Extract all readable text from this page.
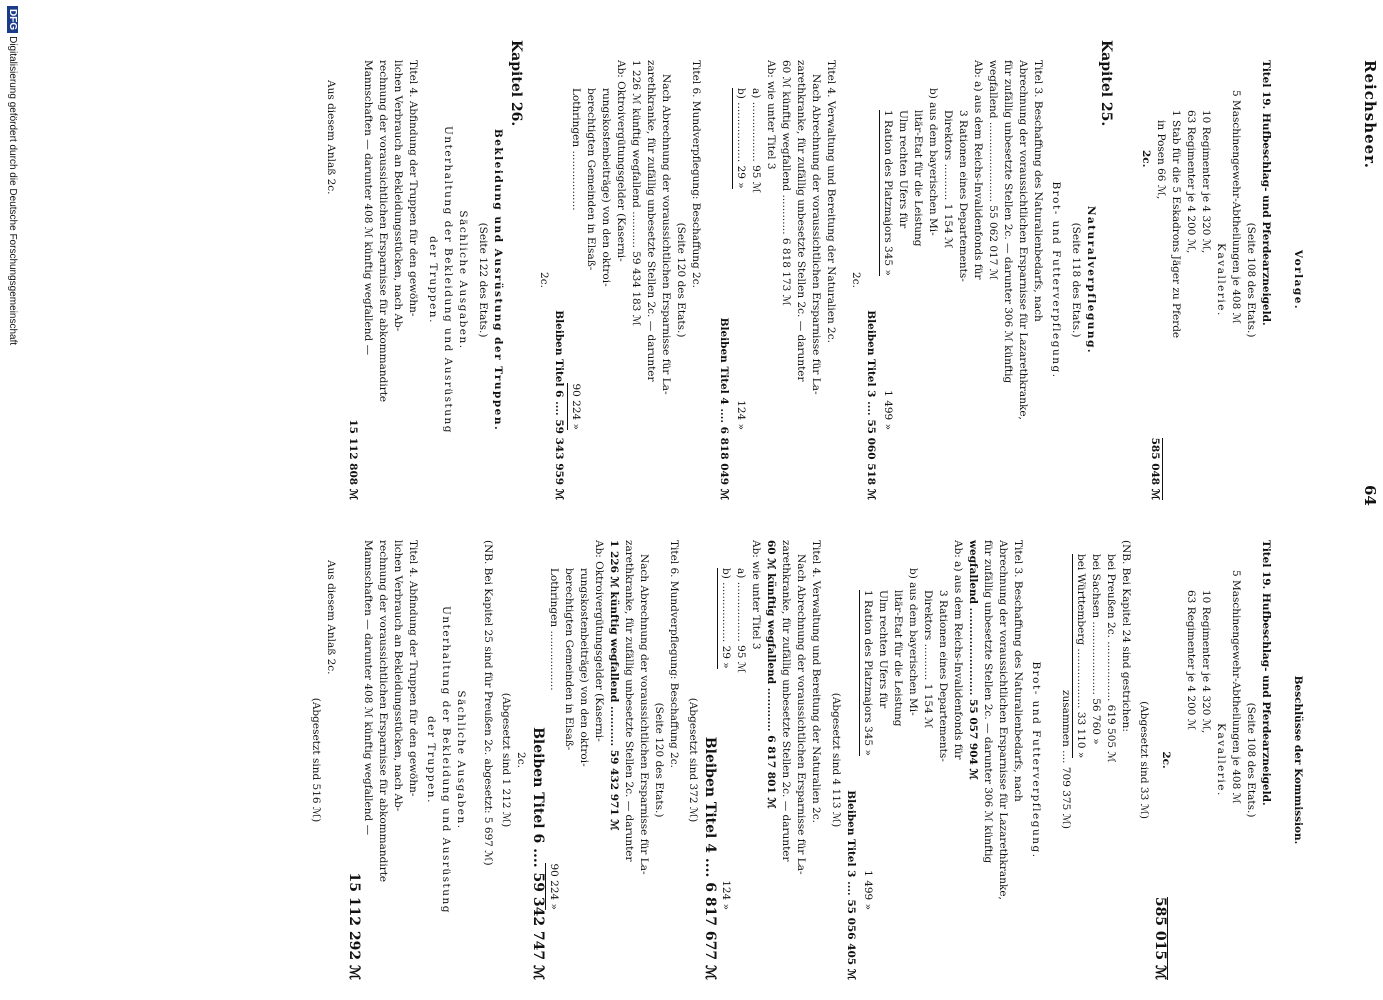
Reichsheer.
64
Vorlage.
Titel 19. Hufbeschlag- und Pferdearzneigeld.
(Seite 108 des Etats.)
5 Maschinengewehr-Abtheilungen je 408 ℳ
Kavallerie.
10 Regimenter je 4 320 ℳ,
63 Regimenter je 4 200 ℳ,
1 Stab für die 5 Eskadrons Jäger zu Pferde
in Posen 66 ℳ,
2c.
585 048 ℳ
Kapitel 25.
Naturalverpflegung.
(Seite 118 des Etats.)
Brot- und Futterverpflegung.
Titel 3. Beschaffung des Naturalienbedarfs, nach
Abrechnung der voraussichtlichen Ersparnisse für Lazarethkranke,
für zufällig unbesetzte Stellen 2c. — darunter 306 ℳ künftig
wegfallend ........................ 55 062 017 ℳ
Ab: a) aus dem Reichs-Invalidenfonds für
3 Rationen eines Departements-
Direktors ........... 1 154 ℳ
b) aus dem bayerischen Mi-
litär-Etat für die Leistung
Ulm rechten Ufers für
1 Ration des Platzmajors 345 »
1 499 »
Bleiben Titel 3 .... 55 060 518 ℳ
2c.
Titel 4. Verwaltung und Bereitung der Naturalien 2c.
Nach Abrechnung der voraussichtlichen Ersparnisse für La-
zarethkranke, für zufällig unbesetzte Stellen 2c. — darunter
60 ℳ künftig wegfallend ............ 6 818 173 ℳ
Ab: wie unter Titel 3
a) .................. 95 ℳ
b) .................. 29 »
124 »
Bleiben Titel 4 .... 6 818 049 ℳ
Titel 6. Mundverpflegung: Beschaffung 2c.
(Seite 120 des Etats.)
Nach Abrechnung der voraussichtlichen Ersparnisse für La-
zarethkranke, für zufällig unbesetzte Stellen 2c. — darunter
1 226 ℳ künftig wegfallend ........... 59 434 183 ℳ
Ab: Oktroivergütungsgelder (Kaserni-
rungskostenbeiträge) von den oktroi-
berechtigten Gemeinden in Elsaß-
Lothringen ..................
90 224 »
Bleiben Titel 6 .... 59 343 959 ℳ
2c.
Kapitel 26.
Bekleidung und Ausrüstung der Truppen.
(Seite 122 des Etats.)
Sächliche Ausgaben.
Unterhaltung der Bekleidung und Ausrüstung
der Truppen.
Titel 4. Abfindung der Truppen für den gewöhn-
lichen Verbrauch an Bekleidungsstücken, nach Ab-
rechnung der voraussichtlichen Ersparnisse für abkommandirte
Mannschaften — darunter 408 ℳ künftig wegfallend —
15 112 808 ℳ
Aus diesem Anlaß 2c.
Beschlüsse der Kommission.
Titel 19. Hufbeschlag- und Pferdearzneigeld.
(Seite 108 des Etats.)
5 Maschinengewehr-Abtheilungen je 408 ℳ
Kavallerie.
10 Regimenter je 4 320 ℳ,
63 Regimenter je 4 200 ℳ
2c.
585 015 ℳ
(Abgesetzt sind 33 ℳ)
(NB. Bei Kapitel 24 sind gestrichen:
bei Preußen 2c. .................. 619 505 ℳ
bei Sachsen ...................... 56 760 »
bei Württemberg .................. 33 110 »
zusammen .... 709 375 ℳ)
Brot- und Futterverpflegung.
Titel 3. Beschaffung des Naturalienbedarfs, nach
Abrechnung der voraussichtlichen Ersparnisse für Lazarethkranke,
für zufällig unbesetzte Stellen 2c. — darunter 306 ℳ künftig
wegfallend ........................ 55 057 904 ℳ
Ab: a) aus dem Reichs-Invalidenfonds für
3 Rationen eines Departements-
Direktors ........... 1 154 ℳ
b) aus dem bayerischen Mi-
litär-Etat für die Leistung
Ulm rechten Ufers für
1 Ration des Platzmajors 345 »
1 499 »
Bleiben Titel 3 .... 55 056 405 ℳ
(Abgesetzt sind 4 113 ℳ)
Titel 4. Verwaltung und Bereitung der Naturalien 2c.
Nach Abrechnung der voraussichtlichen Ersparnisse für La-
zarethkranke, für zufällig unbesetzte Stellen 2c. — darunter
60 ℳ künftig wegfallend ............ 6 817 801 ℳ
Ab: wie unter Titel 3
a) .................. 95 ℳ
b) .................. 29 »
124 »
Bleiben Titel 4 .... 6 817 677 ℳ
(Abgesetzt sind 372 ℳ)
Titel 6. Mundverpflegung: Beschaffung 2c.
(Seite 120 des Etats.)
Nach Abrechnung der voraussichtlichen Ersparnisse für La-
zarethkranke, für zufällig unbesetzte Stellen 2c. — darunter
1 226 ℳ künftig wegfallend ........... 59 432 971 ℳ
Ab: Oktroivergütungsgelder (Kaserni-
rungskostenbeiträge) von den oktroi-
berechtigten Gemeinden in Elsaß-
Lothringen ..................
90 224 »
Bleiben Titel 6 .... 59 342 747 ℳ
2c.
(Abgesetzt sind 1 212 ℳ)
(NB. Bei Kapitel 25 sind für Preußen 2c. abgesetzt: 5 697 ℳ)
Sächliche Ausgaben.
Unterhaltung der Bekleidung und Ausrüstung
der Truppen.
Titel 4. Abfindung der Truppen für den gewöhn-
lichen Verbrauch an Bekleidungsstücken, nach Ab-
rechnung der voraussichtlichen Ersparnisse für abkommandirte
Mannschaften — darunter 408 ℳ künftig wegfallend —
15 112 292 ℳ
Aus diesem Anlaß 2c.
(Abgesetzt sind 516 ℳ)
DFGDigitalisierung gefördert durch die Deutsche Forschungsgemeinschaft
